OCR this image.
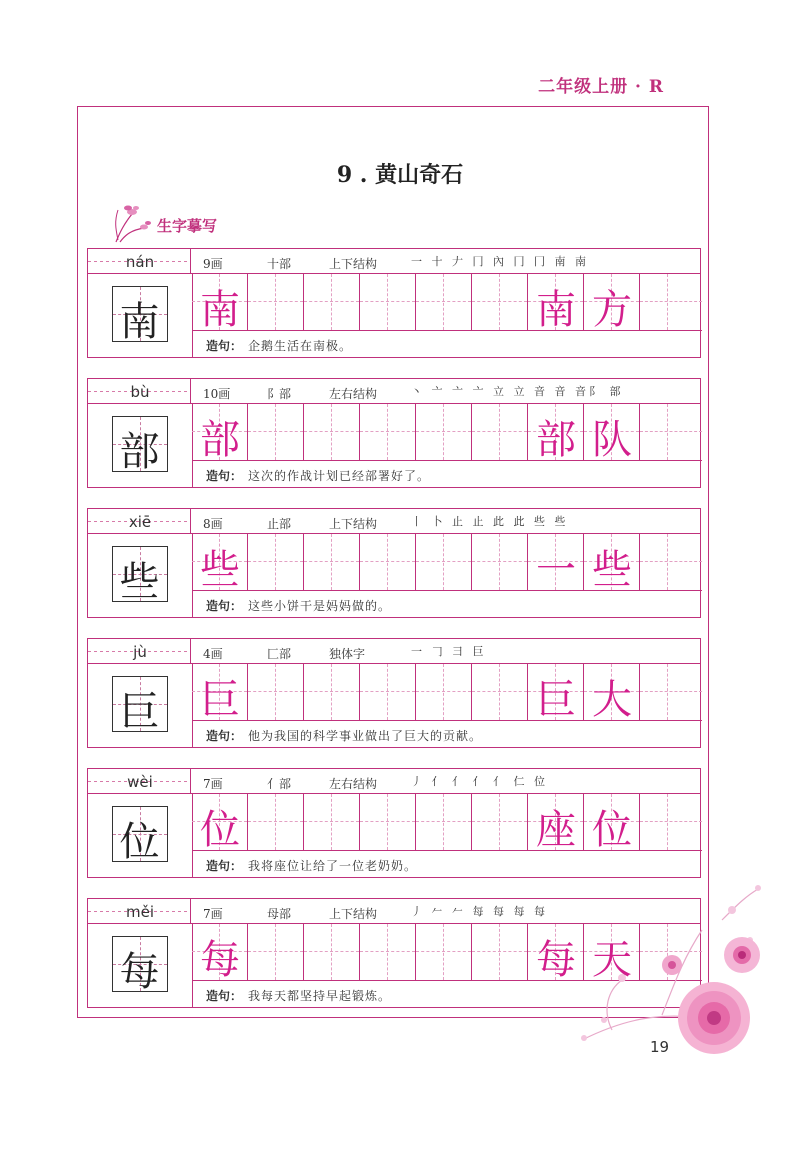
二年级上册 · R
9 . 黄山奇石
生字摹写
nán	9画	十部	上下结构	一 十 𠂇 冂 內 冂 冂 南 南
南 南	南 方
造句： 企鹅生活在南极。
bù	10画	阝部	左右结构	丶 亠 亠 亠 立 立 音 音 音阝 部
部 部	部 队
造句： 这次的作战计划已经部署好了。
xiē	8画	止部	上下结构	丨 卜 止 止 此 此 些 些
些 些	一 些
造句： 这些小饼干是妈妈做的。
jù	4画	匚部	独体字	一 𠃌 彐 巨
巨 巨	巨 大
造句： 他为我国的科学事业做出了巨大的贡献。
wèi	7画	亻部	左右结构	丿 亻 亻 亻 亻 仁 位
位 位	座 位
造句： 我将座位让给了一位老奶奶。
měi	7画	母部	上下结构	丿 𠂉 𠂉 每 每 每 每
每 每	每 天
造句： 我每天都坚持早起锻炼。
19
